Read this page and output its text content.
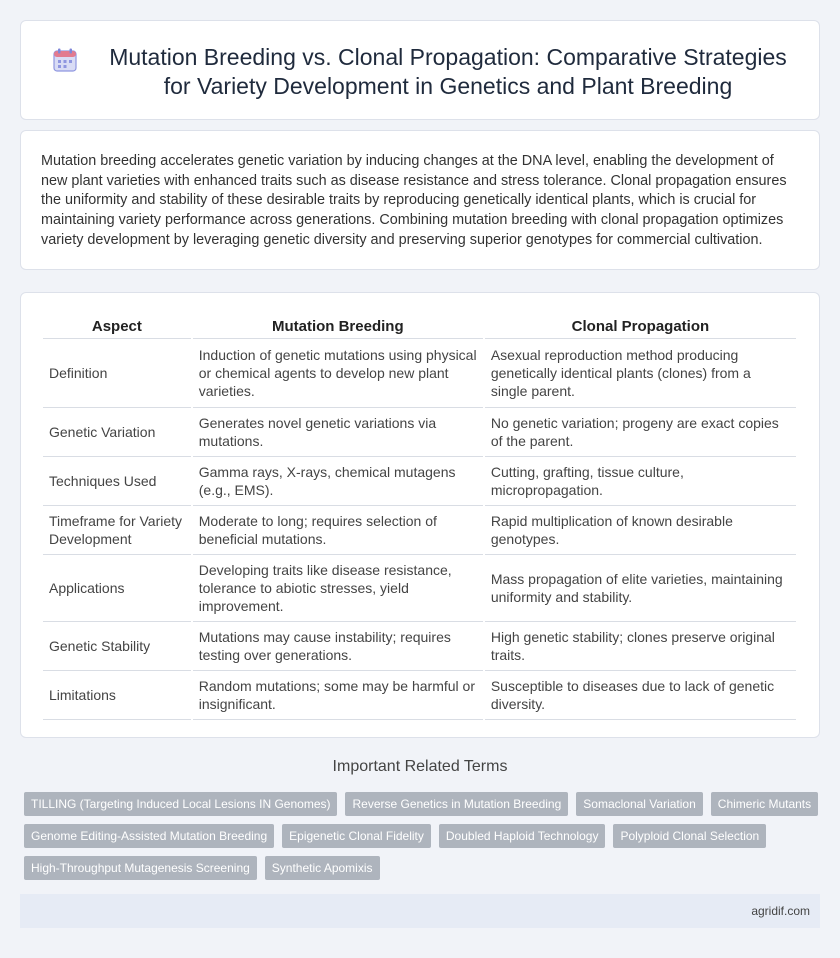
Mutation Breeding vs. Clonal Propagation: Comparative Strategies for Variety Development in Genetics and Plant Breeding

Mutation breeding accelerates genetic variation by inducing changes at the DNA level, enabling the development of new plant varieties with enhanced traits such as disease resistance and stress tolerance. Clonal propagation ensures the uniformity and stability of these desirable traits by reproducing genetically identical plants, which is crucial for maintaining variety performance across generations. Combining mutation breeding with clonal propagation optimizes variety development by leveraging genetic diversity and preserving superior genotypes for commercial cultivation.

Aspect	Mutation Breeding	Clonal Propagation
Definition	Induction of genetic mutations using physical or chemical agents to develop new plant varieties.	Asexual reproduction method producing genetically identical plants (clones) from a single parent.
Genetic Variation	Generates novel genetic variations via mutations.	No genetic variation; progeny are exact copies of the parent.
Techniques Used	Gamma rays, X-rays, chemical mutagens (e.g., EMS).	Cutting, grafting, tissue culture, micropropagation.
Timeframe for Variety Development	Moderate to long; requires selection of beneficial mutations.	Rapid multiplication of known desirable genotypes.
Applications	Developing traits like disease resistance, tolerance to abiotic stresses, yield improvement.	Mass propagation of elite varieties, maintaining uniformity and stability.
Genetic Stability	Mutations may cause instability; requires testing over generations.	High genetic stability; clones preserve original traits.
Limitations	Random mutations; some may be harmful or insignificant.	Susceptible to diseases due to lack of genetic diversity.
Important Related Terms
TILLING (Targeting Induced Local Lesions IN Genomes)	Reverse Genetics in Mutation Breeding	Somaclonal Variation	Chimeric Mutants
Genome Editing-Assisted Mutation Breeding	Epigenetic Clonal Fidelity	Doubled Haploid Technology	Polyploid Clonal Selection
High-Throughput Mutagenesis Screening	Synthetic Apomixis
agridif.com
